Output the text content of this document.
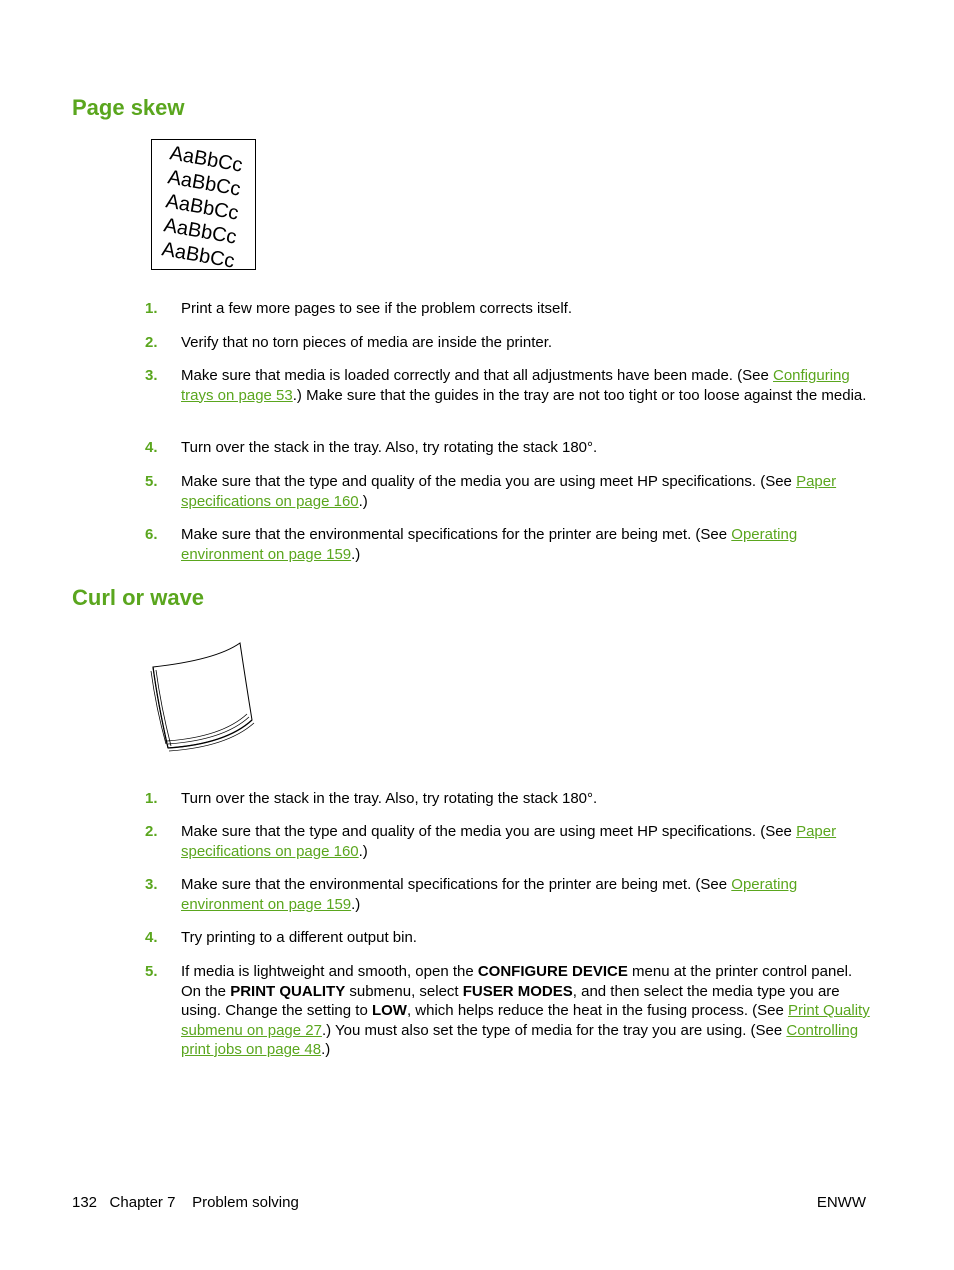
Page skew
AaBbCc
AaBbCc
AaBbCc
AaBbCc
AaBbCc
1. Print a few more pages to see if the problem corrects itself.
2. Verify that no torn pieces of media are inside the printer.
3. Make sure that media is loaded correctly and that all adjustments have been made. (See Configuring trays on page 53.) Make sure that the guides in the tray are not too tight or too loose against the media.
4. Turn over the stack in the tray. Also, try rotating the stack 180°.
5. Make sure that the type and quality of the media you are using meet HP specifications. (See Paper specifications on page 160.)
6. Make sure that the environmental specifications for the printer are being met. (See Operating environment on page 159.)
Curl or wave
1. Turn over the stack in the tray. Also, try rotating the stack 180°.
2. Make sure that the type and quality of the media you are using meet HP specifications. (See Paper specifications on page 160.)
3. Make sure that the environmental specifications for the printer are being met. (See Operating environment on page 159.)
4. Try printing to a different output bin.
5. If media is lightweight and smooth, open the CONFIGURE DEVICE menu at the printer control panel. On the PRINT QUALITY submenu, select FUSER MODES, and then select the media type you are using. Change the setting to LOW, which helps reduce the heat in the fusing process. (See Print Quality submenu on page 27.) You must also set the type of media for the tray you are using. (See Controlling print jobs on page 48.)
132 Chapter 7 Problem solving	ENWW
